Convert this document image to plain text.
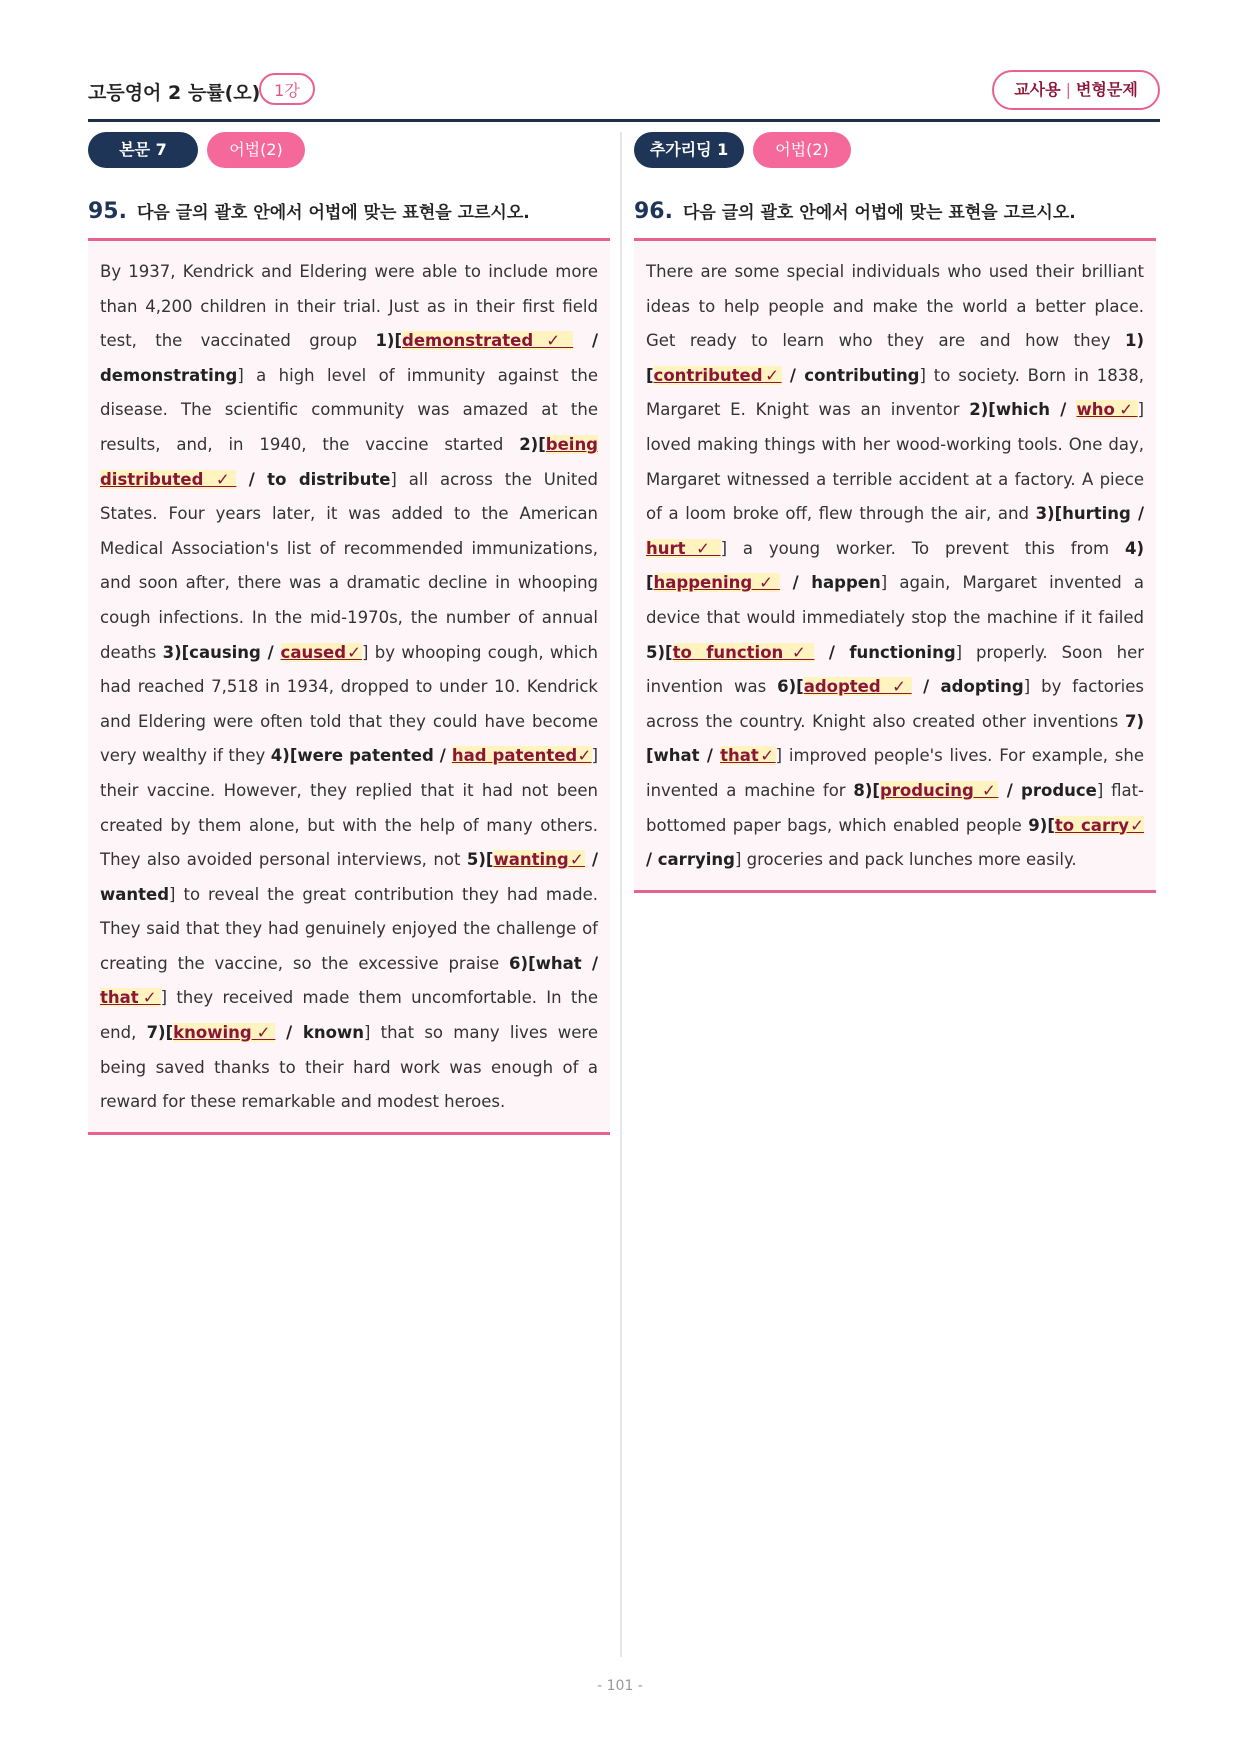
고등영어 2 능률(오) 1강	교사용 | 변형문제
본문 7	어법(2)
95. 다음 글의 괄호 안에서 어법에 맞는 표현을 고르시오.

By 1937, Kendrick and Eldering were able to include more than 4,200 children in their trial. Just as in their first field test, the vaccinated group 1)[demonstrated✓ / demonstrating] a high level of immunity against the disease. The scientific community was amazed at the results, and, in 1940, the vaccine started 2)[being distributed ✓ / to distribute] all across the United States. Four years later, it was added to the American Medical Association's list of recommended immunizations, and soon after, there was a dramatic decline in whooping cough infections. In the mid-1970s, the number of annual deaths 3)[causing / caused✓] by whooping cough, which had reached 7,518 in 1934, dropped to under 10. Kendrick and Eldering were often told that they could have become very wealthy if they 4)[were patented / had patented✓] their vaccine. However, they replied that it had not been created by them alone, but with the help of many others. They also avoided personal interviews, not 5)[wanting✓ / wanted] to reveal the great contribution they had made. They said that they had genuinely enjoyed the challenge of creating the vaccine, so the excessive praise 6)[what / that✓] they received made them uncomfortable. In the end, 7)[knowing✓ / known] that so many lives were being saved thanks to their hard work was enough of a reward for these remarkable and modest heroes.

추가리딩 1	어법(2)
96. 다음 글의 괄호 안에서 어법에 맞는 표현을 고르시오.

There are some special individuals who used their brilliant ideas to help people and make the world a better place. Get ready to learn who they are and how they 1)[contributed✓ / contributing] to society. Born in 1838, Margaret E. Knight was an inventor 2)[which / who✓] loved making things with her wood-working tools. One day, Margaret witnessed a terrible accident at a factory. A piece of a loom broke off, flew through the air, and 3)[hurting / hurt✓] a young worker. To prevent this from 4)[happening✓ / happen] again, Margaret invented a device that would immediately stop the machine if it failed 5)[to function✓ / functioning] properly. Soon her invention was 6)[adopted ✓ / adopting] by factories across the country. Knight also created other inventions 7)[what / that✓] improved people's lives. For example, she invented a machine for 8)[producing ✓ / produce] flat-bottomed paper bags, which enabled people 9)[to carry✓ / carrying] groceries and pack lunches more easily.

- 101 -
